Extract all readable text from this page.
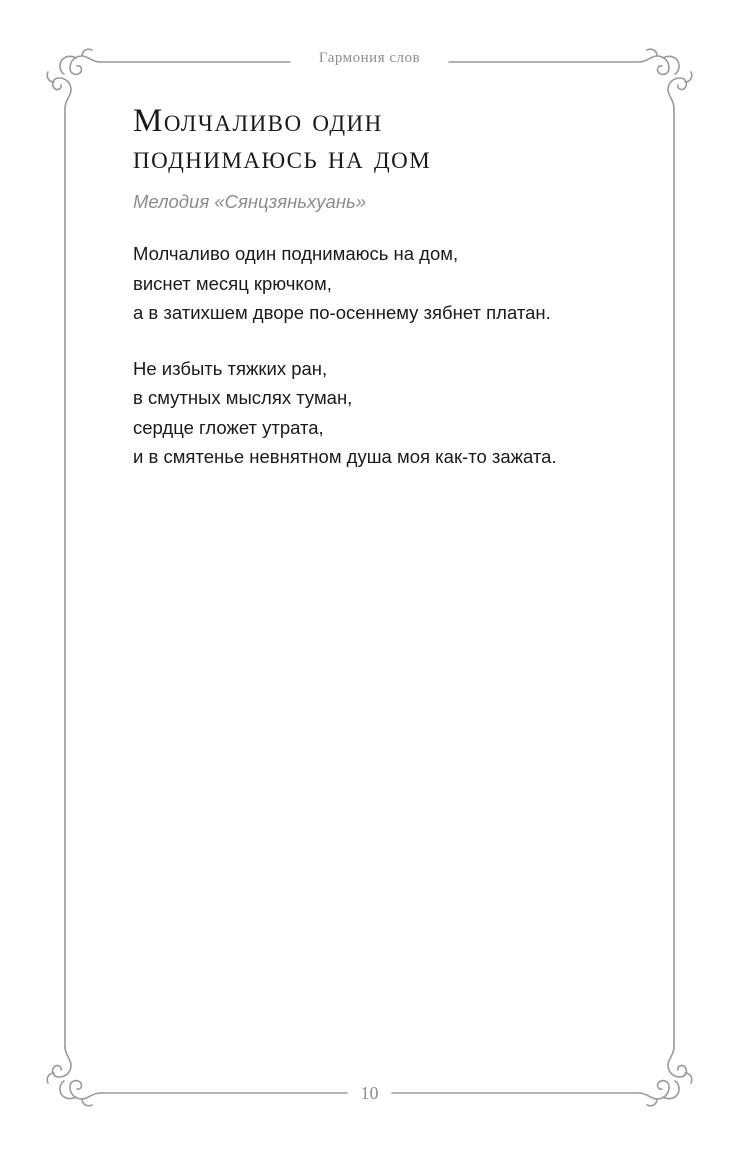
Гармония слов
Молчаливо один
поднимаюсь на дом
Мелодия «Сянцзяньхуань»
Молчаливо один поднимаюсь на дом,
виснет месяц крючком,
а в затихшем дворе по-осеннему зябнет платан.
Не избыть тяжких ран,
в смутных мыслях туман,
сердце гложет утрата,
и в смятенье невнятном душа моя как-то зажата.
10
